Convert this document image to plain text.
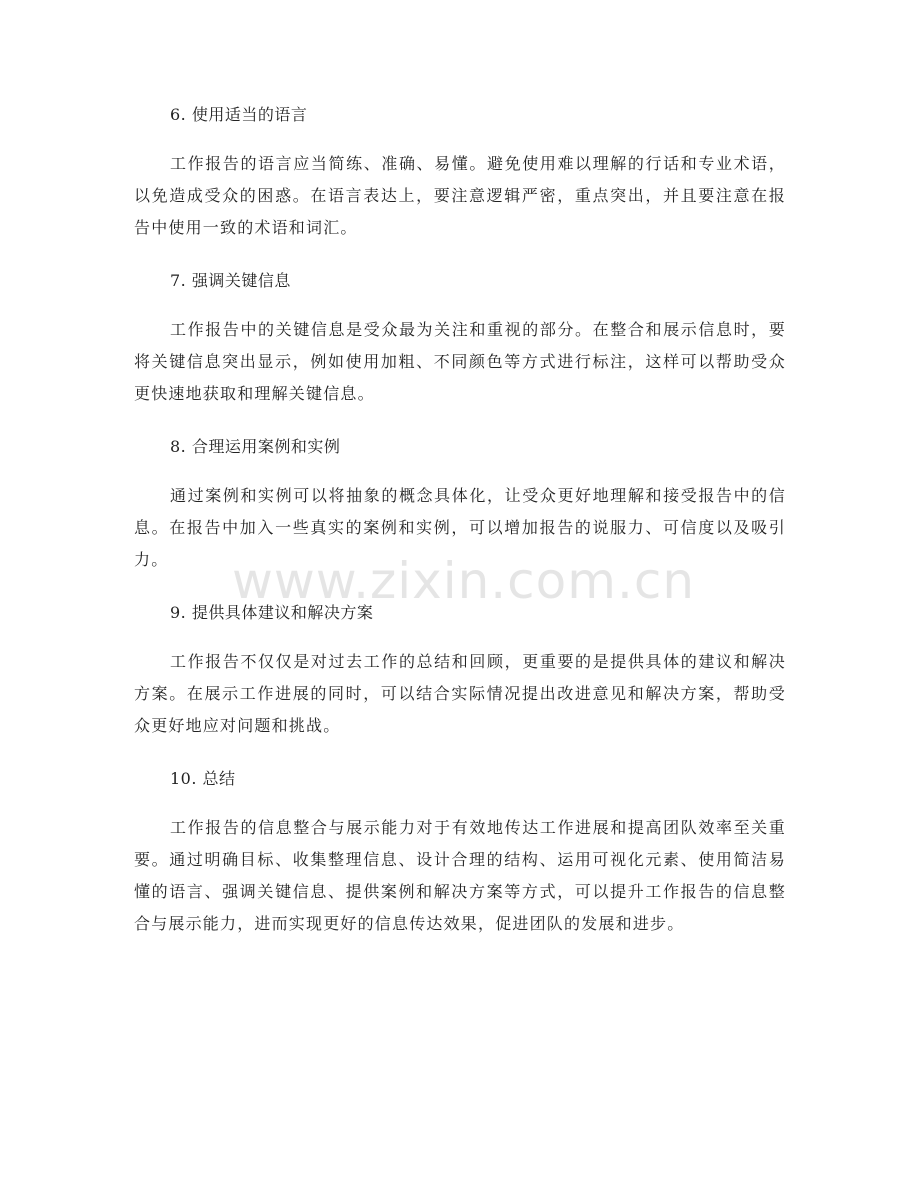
6. 使用适当的语言

工作报告的语言应当简练、准确、易懂。避免使用难以理解的行话和专业术语，以免造成受众的困惑。在语言表达上，要注意逻辑严密，重点突出，并且要注意在报告中使用一致的术语和词汇。

7. 强调关键信息

工作报告中的关键信息是受众最为关注和重视的部分。在整合和展示信息时，要将关键信息突出显示，例如使用加粗、不同颜色等方式进行标注，这样可以帮助受众更快速地获取和理解关键信息。

8. 合理运用案例和实例

通过案例和实例可以将抽象的概念具体化，让受众更好地理解和接受报告中的信息。在报告中加入一些真实的案例和实例，可以增加报告的说服力、可信度以及吸引力。

9. 提供具体建议和解决方案

工作报告不仅仅是对过去工作的总结和回顾，更重要的是提供具体的建议和解决方案。在展示工作进展的同时，可以结合实际情况提出改进意见和解决方案，帮助受众更好地应对问题和挑战。

10. 总结

工作报告的信息整合与展示能力对于有效地传达工作进展和提高团队效率至关重要。通过明确目标、收集整理信息、设计合理的结构、运用可视化元素、使用简洁易懂的语言、强调关键信息、提供案例和解决方案等方式，可以提升工作报告的信息整合与展示能力，进而实现更好的信息传达效果，促进团队的发展和进步。

www.zixin.com.cn
